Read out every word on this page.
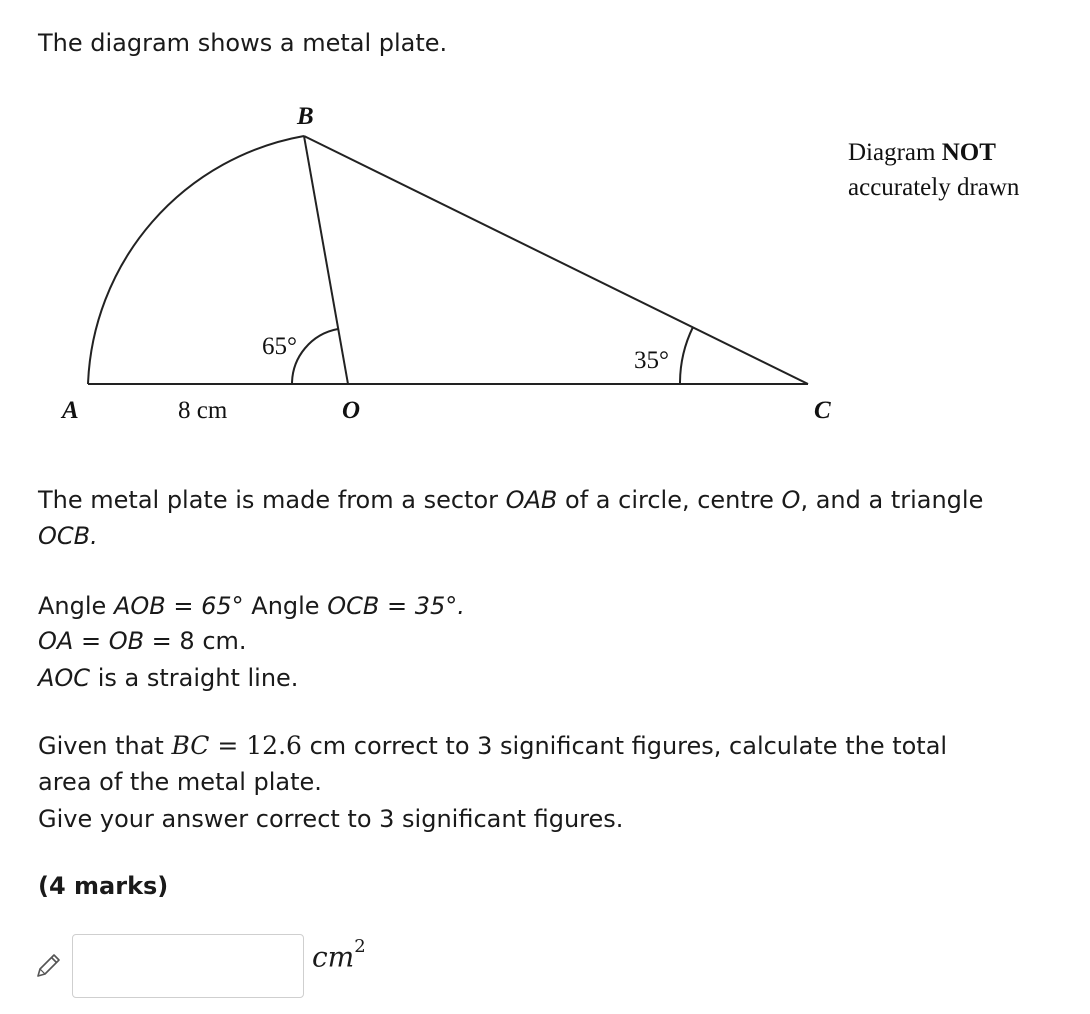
The diagram shows a metal plate.

B
A	O	C
8 cm
65°
35°
Diagram NOT
accurately drawn

The metal plate is made from a sector OAB of a circle, centre O, and a triangle

OCB.

Angle AOB = 65° Angle OCB = 35°.

OA = OB = 8 cm.

AOC is a straight line.

Given that BC = 12.6 cm correct to 3 significant figures, calculate the total

area of the metal plate.

Give your answer correct to 3 significant figures.

(4 marks)

$cm^2$
